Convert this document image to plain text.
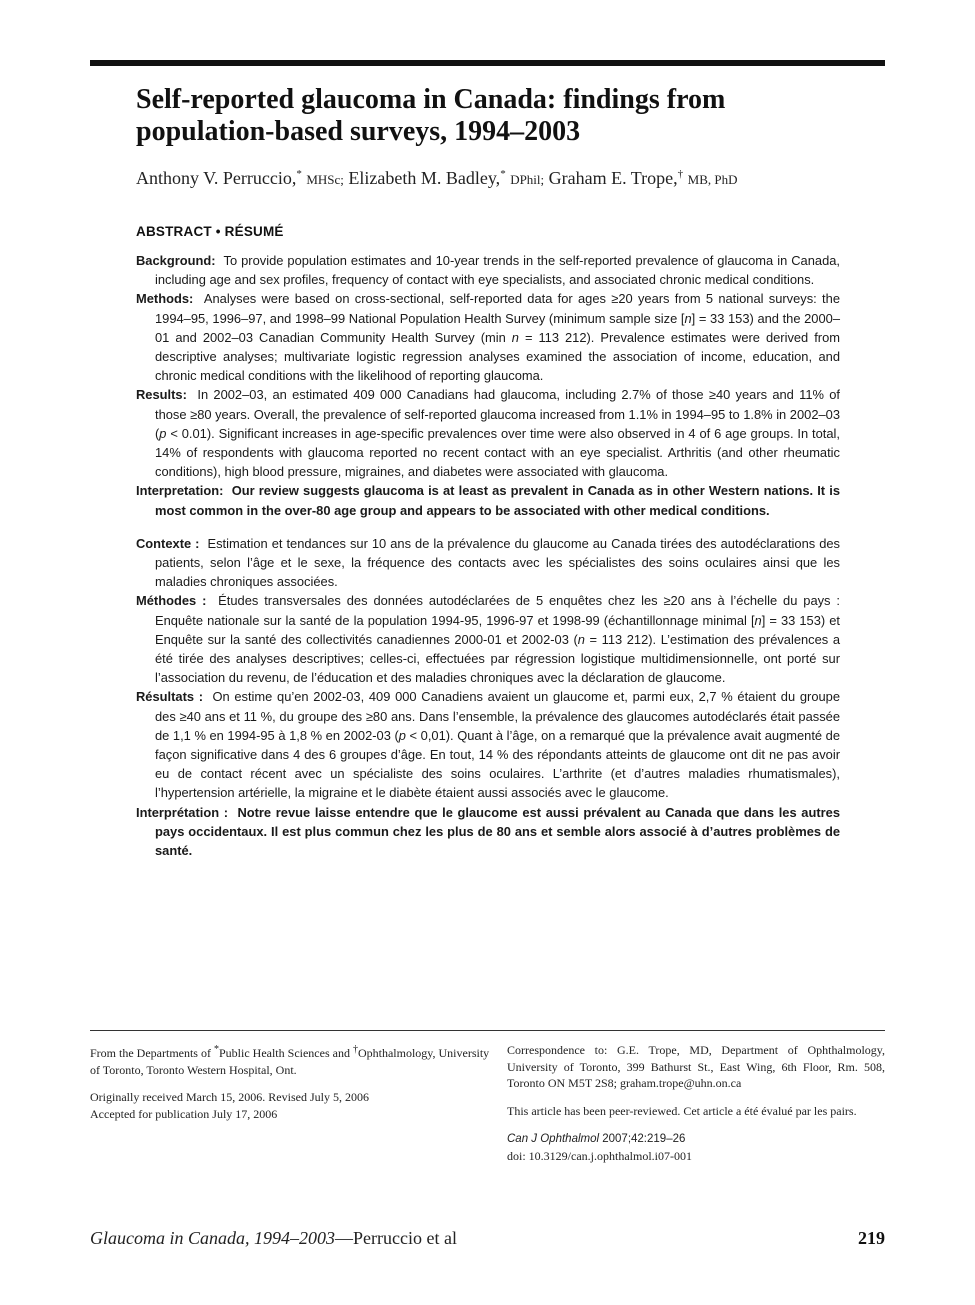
Self-reported glaucoma in Canada: findings from population-based surveys, 1994–2003
Anthony V. Perruccio,* MHSc; Elizabeth M. Badley,* DPhil; Graham E. Trope,† MB, PhD
ABSTRACT • RÉSUMÉ

Background: To provide population estimates and 10-year trends in the self-reported prevalence of glaucoma in Canada, including age and sex profiles, frequency of contact with eye specialists, and associated chronic medical conditions.

Methods: Analyses were based on cross-sectional, self-reported data for ages ≥20 years from 5 national surveys: the 1994–95, 1996–97, and 1998–99 National Population Health Survey (minimum sample size [n] = 33 153) and the 2000–01 and 2002–03 Canadian Community Health Survey (min n = 113 212). Prevalence estimates were derived from descriptive analyses; multivariate logistic regression analyses examined the association of income, education, and chronic medical conditions with the likelihood of reporting glaucoma.

Results: In 2002–03, an estimated 409 000 Canadians had glaucoma, including 2.7% of those ≥40 years and 11% of those ≥80 years. Overall, the prevalence of self-reported glaucoma increased from 1.1% in 1994–95 to 1.8% in 2002–03 (p < 0.01). Significant increases in age-specific prevalences over time were also observed in 4 of 6 age groups. In total, 14% of respondents with glaucoma reported no recent contact with an eye specialist. Arthritis (and other rheumatic conditions), high blood pressure, migraines, and diabetes were associated with glaucoma.

Interpretation: Our review suggests glaucoma is at least as prevalent in Canada as in other Western nations. It is most common in the over-80 age group and appears to be associated with other medical conditions.

Contexte : Estimation et tendances sur 10 ans de la prévalence du glaucome au Canada tirées des autodéclarations des patients, selon l’âge et le sexe, la fréquence des contacts avec les spécialistes des soins oculaires ainsi que les maladies chroniques associées.

Méthodes : Études transversales des données autodéclarées de 5 enquêtes chez les ≥20 ans à l’échelle du pays : Enquête nationale sur la santé de la population 1994-95, 1996-97 et 1998-99 (échantillonnage minimal [n] = 33 153) et Enquête sur la santé des collectivités canadiennes 2000-01 et 2002-03 (n = 113 212). L’estimation des prévalences a été tirée des analyses descriptives; celles-ci, effectuées par régression logistique multidimensionnelle, ont porté sur l’association du revenu, de l’éducation et des maladies chroniques avec la déclaration de glaucome.

Résultats : On estime qu’en 2002-03, 409 000 Canadiens avaient un glaucome et, parmi eux, 2,7 % étaient du groupe des ≥40 ans et 11 %, du groupe des ≥80 ans. Dans l’ensemble, la prévalence des glaucomes autodéclarés était passée de 1,1 % en 1994-95 à 1,8 % en 2002-03 (p < 0,01). Quant à l’âge, on a remarqué que la prévalence avait augmenté de façon significative dans 4 des 6 groupes d’âge. En tout, 14 % des répondants atteints de glaucome ont dit ne pas avoir eu de contact récent avec un spécialiste des soins oculaires. L’arthrite (et d’autres maladies rhumatismales), l’hypertension artérielle, la migraine et le diabète étaient aussi associés avec le glaucome.

Interprétation : Notre revue laisse entendre que le glaucome est aussi prévalent au Canada que dans les autres pays occidentaux. Il est plus commun chez les plus de 80 ans et semble alors associé à d’autres problèmes de santé.

From the Departments of *Public Health Sciences and †Ophthalmology, University of Toronto, Toronto Western Hospital, Ont.

Originally received March 15, 2006. Revised July 5, 2006

Accepted for publication July 17, 2006

Correspondence to: G.E. Trope, MD, Department of Ophthalmology, University of Toronto, 399 Bathurst St., East Wing, 6th Floor, Rm. 508, Toronto ON M5T 2S8; graham.trope@uhn.on.ca

This article has been peer-reviewed. Cet article a été évalué par les pairs.

Can J Ophthalmol 2007;42:219–26

doi: 10.3129/can.j.ophthalmol.i07-001

Glaucoma in Canada, 1994–2003—Perruccio et al	219
